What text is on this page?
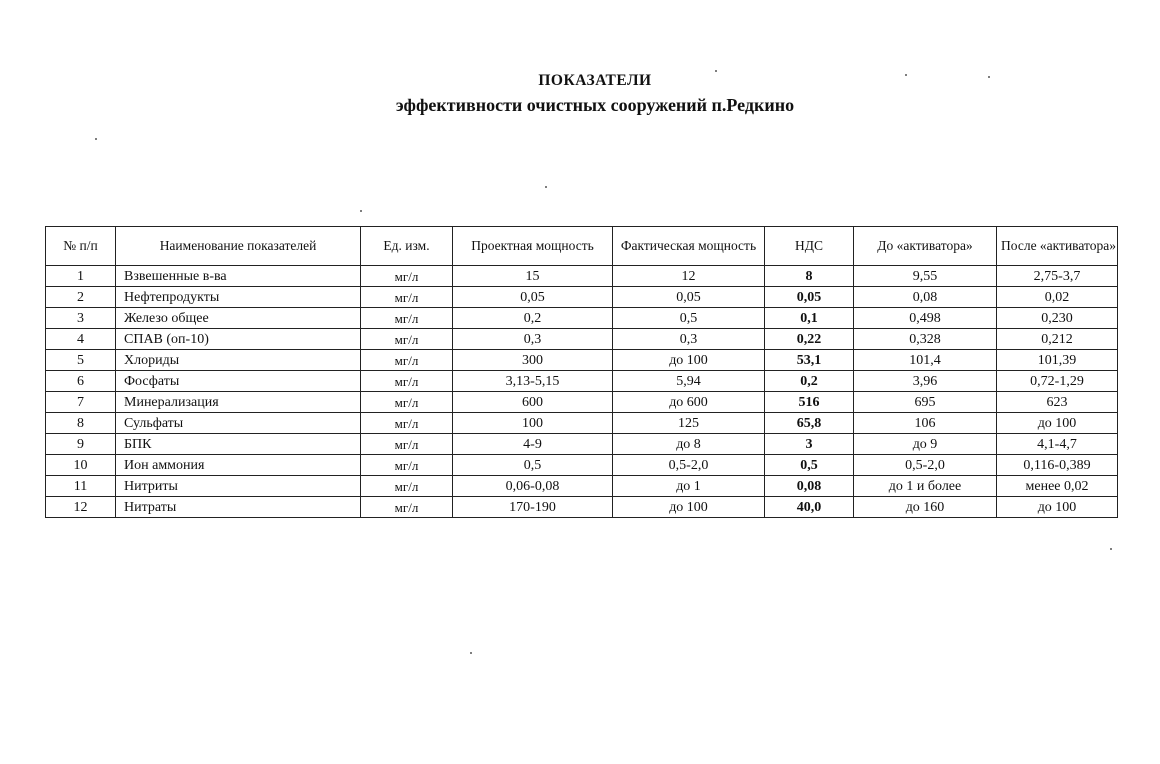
ПОКАЗАТЕЛИ
эффективности очистных сооружений п.Редкино
№ п/п	Наименование показателей	Ед. изм.	Проектная мощность	Фактическая мощность	НДС	До «активатора»	После «активатора»
1	Взвешенные в-ва	мг/л	15	12	8	9,55	2,75-3,7
2	Нефтепродукты	мг/л	0,05	0,05	0,05	0,08	0,02
3	Железо общее	мг/л	0,2	0,5	0,1	0,498	0,230
4	СПАВ (оп-10)	мг/л	0,3	0,3	0,22	0,328	0,212
5	Хлориды	мг/л	300	до 100	53,1	101,4	101,39
6	Фосфаты	мг/л	3,13-5,15	5,94	0,2	3,96	0,72-1,29
7	Минерализация	мг/л	600	до 600	516	695	623
8	Сульфаты	мг/л	100	125	65,8	106	до 100
9	БПК	мг/л	4-9	до 8	3	до 9	4,1-4,7
10	Ион аммония	мг/л	0,5	0,5-2,0	0,5	0,5-2,0	0,116-0,389
11	Нитриты	мг/л	0,06-0,08	до 1	0,08	до 1 и более	менее 0,02
12	Нитраты	мг/л	170-190	до 100	40,0	до 160	до 100
